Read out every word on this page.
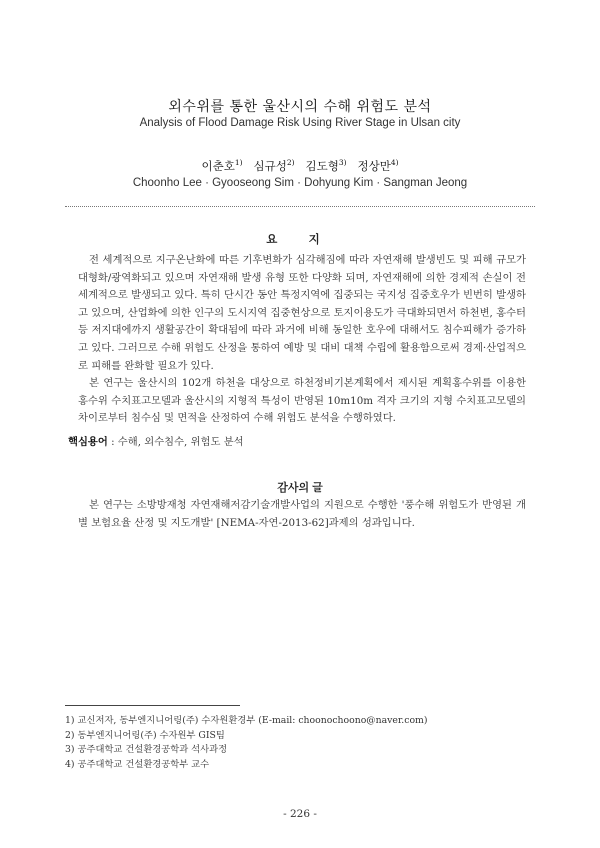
외수위를 통한 울산시의 수해 위험도 분석
Analysis of Flood Damage Risk Using River Stage in Ulsan city
이춘호$^{1)}$ 심규성$^{2)}$ 김도형$^{3)}$ 정상만$^{4)}$
Choonho Lee · Gyooseong Sim · Dohyung Kim · Sangman Jeong
요 지

전 세계적으로 지구온난화에 따른 기후변화가 심각해짐에 따라 자연재해 발생빈도 및 피해 규모가 대형화/광역화되고 있으며 자연재해 발생 유형 또한 다양화 되며, 자연재해에 의한 경제적 손실이 전 세계적으로 발생되고 있다. 특히 단시간 동안 특정지역에 집중되는 국지성 집중호우가 빈번히 발생하고 있으며, 산업화에 의한 인구의 도시지역 집중현상으로 토지이용도가 극대화되면서 하천변, 홍수터 등 저지대에까지 생활공간이 확대됨에 따라 과거에 비해 동일한 호우에 대해서도 침수피해가 증가하고 있다. 그러므로 수해 위험도 산정을 통하여 예방 및 대비 대책 수립에 활용함으로써 경제·산업적으로 피해를 완화할 필요가 있다.

본 연구는 울산시의 102개 하천을 대상으로 하천정비기본계획에서 제시된 계획홍수위를 이용한 홍수위 수치표고모델과 울산시의 지형적 특성이 반영된 10m10m 격자 크기의 지형 수치표고모델의 차이로부터 침수심 및 면적을 산정하여 수해 위험도 분석을 수행하였다.

핵심용어 : 수해, 외수침수, 위험도 분석
감사의 글

본 연구는 소방방재청 자연재해저감기술개발사업의 지원으로 수행한 '풍수해 위험도가 반영된 개별 보험요율 산정 및 지도개발' [NEMA-자연-2013-62]과제의 성과입니다.

1) 교신저자, 동부엔지니어링(주) 수자원환경부 (E-mail: choonochoono@naver.com)
2) 동부엔지니어링(주) 수자원부 GIS팀
3) 공주대학교 건설환경공학과 석사과정
4) 공주대학교 건설환경공학부 교수
- 226 -
